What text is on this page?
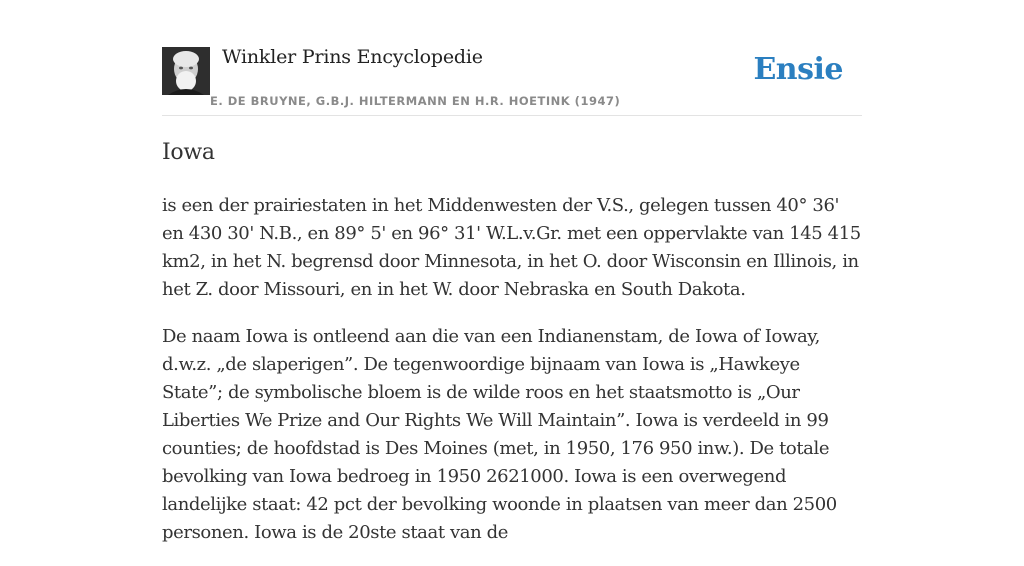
Winkler Prins Encyclopedie
E. DE BRUYNE, G.B.J. HILTERMANN EN H.R. HOETINK (1947)
Ensie
Iowa

is een der prairiestaten in het Middenwesten der V.S., gelegen tussen 40° 36' en 430 30' N.B., en 89° 5' en 96° 31' W.L.v.Gr. met een oppervlakte van 145 415 km2, in het N. begrensd door Minnesota, in het O. door Wisconsin en Illinois, in het Z. door Missouri, en in het W. door Nebraska en South Dakota.

De naam Iowa is ontleend aan die van een Indianenstam, de Iowa of Ioway, d.w.z. „de slaperigen”. De tegenwoordige bijnaam van Iowa is „Hawkeye State”; de symbolische bloem is de wilde roos en het staatsmotto is „Our Liberties We Prize and Our Rights We Will Maintain”. Iowa is verdeeld in 99 counties; de hoofdstad is Des Moines (met, in 1950, 176 950 inw.). De totale bevolking van Iowa bedroeg in 1950 2621000. Iowa is een overwegend landelijke staat: 42 pct der bevolking woonde in plaatsen van meer dan 2500 personen. Iowa is de 20ste staat van de
